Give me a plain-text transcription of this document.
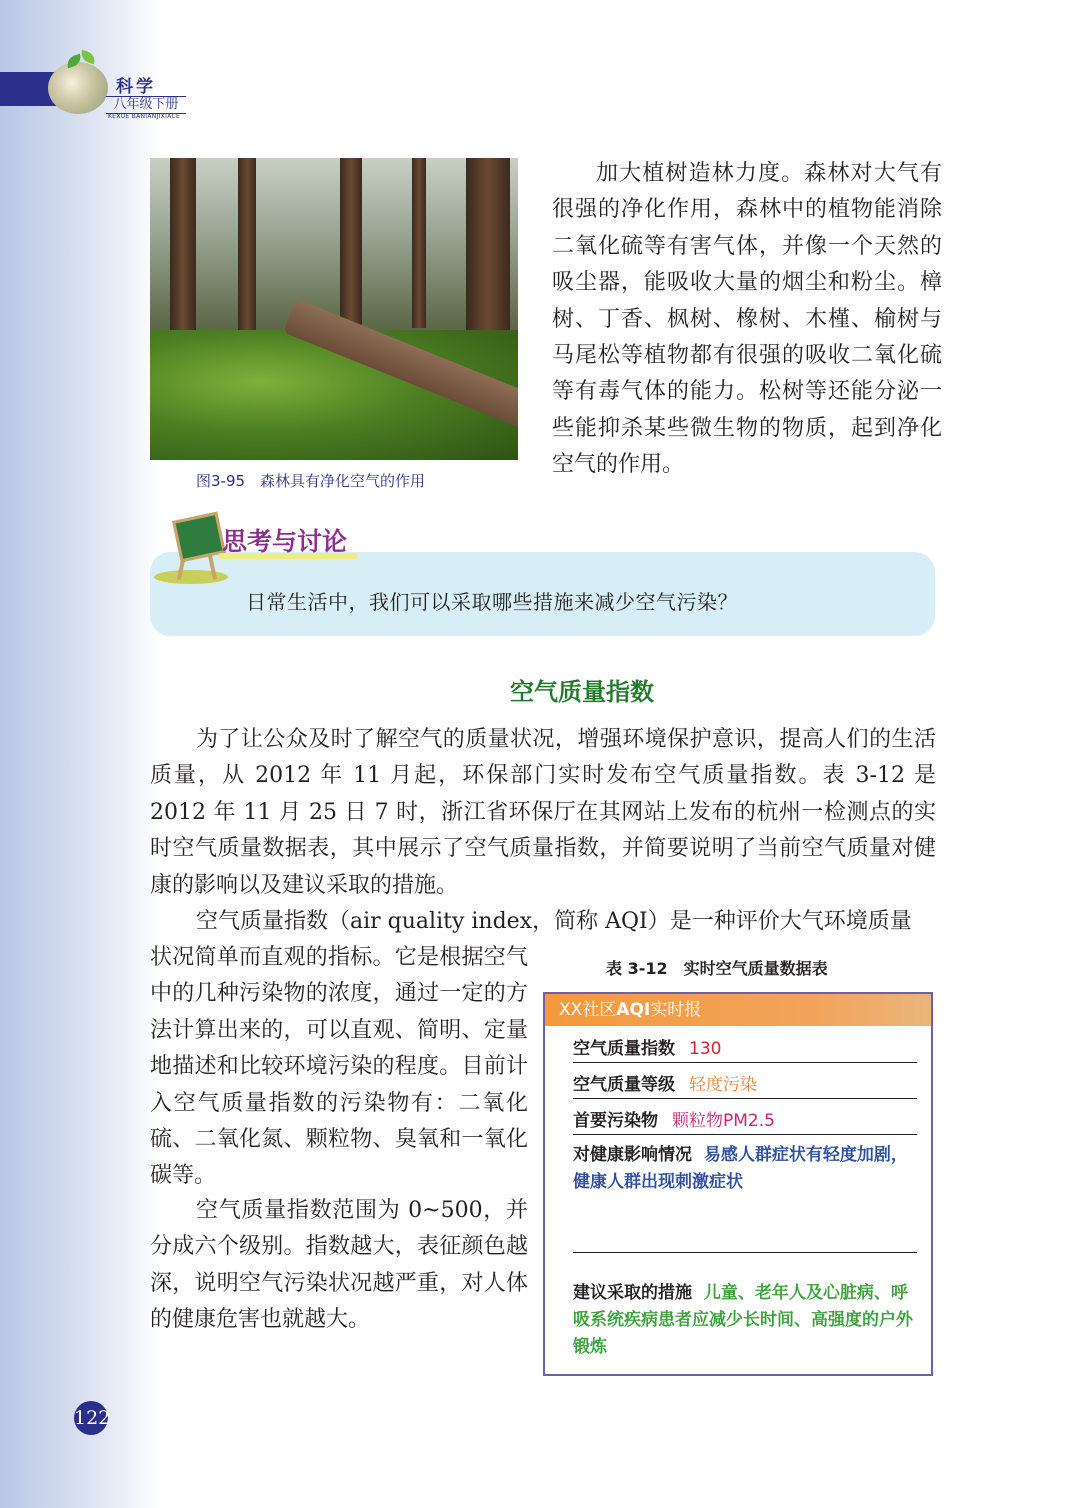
科学
八年级下册
KEXUE BANIANJIXIACE
图3-95　森林具有净化空气的作用
加大植树造林力度。森林对大气有很强的净化作用，森林中的植物能消除二氧化硫等有害气体，并像一个天然的吸尘器，能吸收大量的烟尘和粉尘。樟树、丁香、枫树、橡树、木槿、榆树与马尾松等植物都有很强的吸收二氧化硫等有毒气体的能力。松树等还能分泌一些能抑杀某些微生物的物质，起到净化空气的作用。
思考与讨论
日常生活中，我们可以采取哪些措施来减少空气污染？
空气质量指数
为了让公众及时了解空气的质量状况，增强环境保护意识，提高人们的生活质量，从 2012 年 11 月起，环保部门实时发布空气质量指数。表 3-12 是 2012 年 11 月 25 日 7 时，浙江省环保厅在其网站上发布的杭州一检测点的实时空气质量数据表，其中展示了空气质量指数，并简要说明了当前空气质量对健康的影响以及建议采取的措施。
空气质量指数（air quality index，简称 AQI）是一种评价大气环境质量
状况简单而直观的指标。它是根据空气中的几种污染物的浓度，通过一定的方法计算出来的，可以直观、简明、定量地描述和比较环境污染的程度。目前计入空气质量指数的污染物有：二氧化硫、二氧化氮、颗粒物、臭氧和一氧化碳等。
空气质量指数范围为 0~500，并分成六个级别。指数越大，表征颜色越深，说明空气污染状况越严重，对人体的健康危害也就越大。
表 3-12　实时空气质量数据表
XX社区AQI实时报
空气质量指数 130
空气质量等级 轻度污染
首要污染物 颗粒物PM2.5
对健康影响情况 易感人群症状有轻度加剧，健康人群出现刺激症状
建议采取的措施 儿童、老年人及心脏病、呼吸系统疾病患者应减少长时间、高强度的户外锻炼
122
